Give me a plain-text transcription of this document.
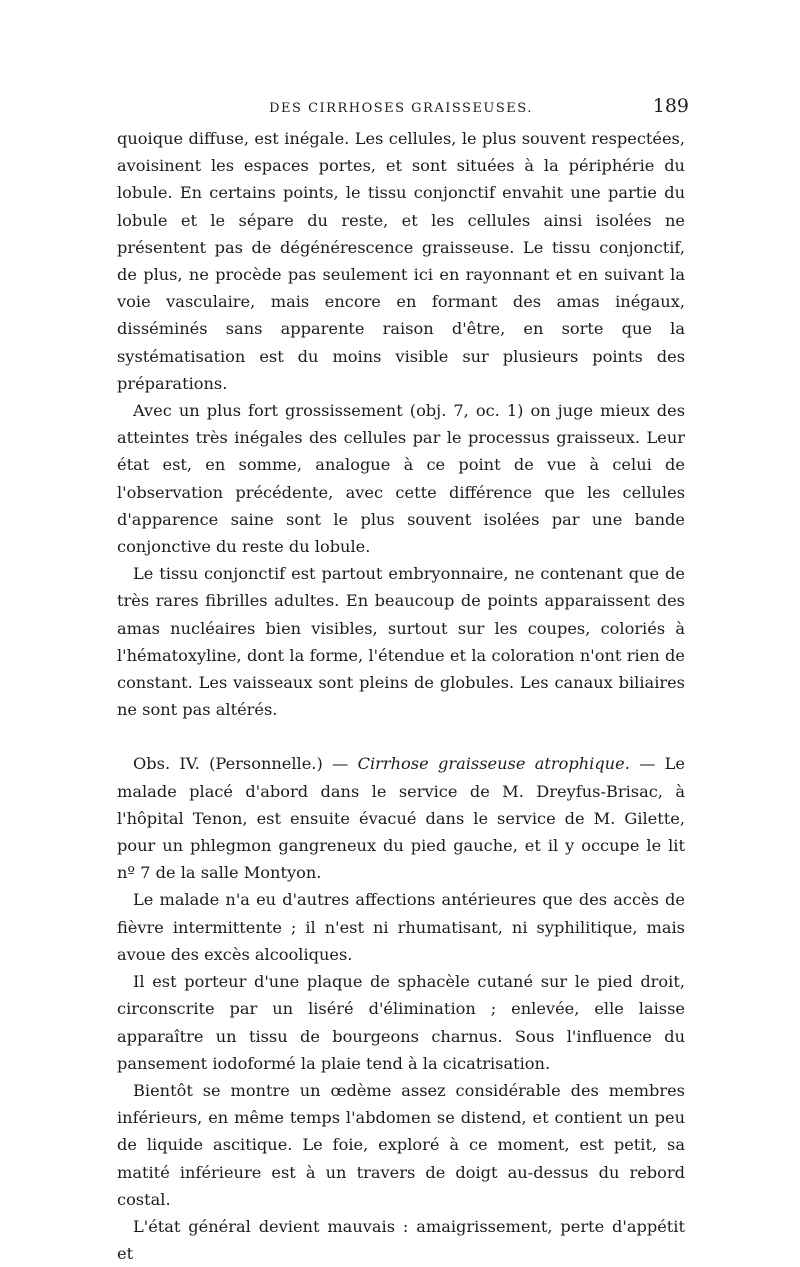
DES CIRRHOSES GRAISSEUSES.	189

quoique diffuse, est inégale. Les cellules, le plus souvent respectées, avoisinent les espaces portes, et sont situées à la périphérie du lobule. En certains points, le tissu conjonctif envahit une partie du lobule et le sépare du reste, et les cellules ainsi isolées ne présentent pas de dégénérescence graisseuse. Le tissu conjonctif, de plus, ne procède pas seulement ici en rayonnant et en suivant la voie vasculaire, mais encore en formant des amas inégaux, disséminés sans apparente raison d'être, en sorte que la systématisation est du moins visible sur plusieurs points des préparations.

Avec un plus fort grossissement (obj. 7, oc. 1) on juge mieux des atteintes très inégales des cellules par le processus graisseux. Leur état est, en somme, analogue à ce point de vue à celui de l'observation précédente, avec cette différence que les cellules d'apparence saine sont le plus souvent isolées par une bande conjonctive du reste du lobule.

Le tissu conjonctif est partout embryonnaire, ne contenant que de très rares fibrilles adultes. En beaucoup de points apparaissent des amas nucléaires bien visibles, surtout sur les coupes, coloriés à l'hématoxyline, dont la forme, l'étendue et la coloration n'ont rien de constant. Les vaisseaux sont pleins de globules. Les canaux biliaires ne sont pas altérés.

Obs. IV. (Personnelle.) — Cirrhose graisseuse atrophique. — Le malade placé d'abord dans le service de M. Dreyfus-Brisac, à l'hôpital Tenon, est ensuite évacué dans le service de M. Gilette, pour un phlegmon gangreneux du pied gauche, et il y occupe le lit nº 7 de la salle Montyon.

Le malade n'a eu d'autres affections antérieures que des accès de fièvre intermittente ; il n'est ni rhumatisant, ni syphilitique, mais avoue des excès alcooliques.

Il est porteur d'une plaque de sphacèle cutané sur le pied droit, circonscrite par un liséré d'élimination ; enlevée, elle laisse apparaître un tissu de bourgeons charnus. Sous l'influence du pansement iodoformé la plaie tend à la cicatrisation.

Bientôt se montre un œdème assez considérable des membres inférieurs, en même temps l'abdomen se distend, et contient un peu de liquide ascitique. Le foie, exploré à ce moment, est petit, sa matité inférieure est à un travers de doigt au-dessus du rebord costal.

L'état général devient mauvais : amaigrissement, perte d'appétit et
